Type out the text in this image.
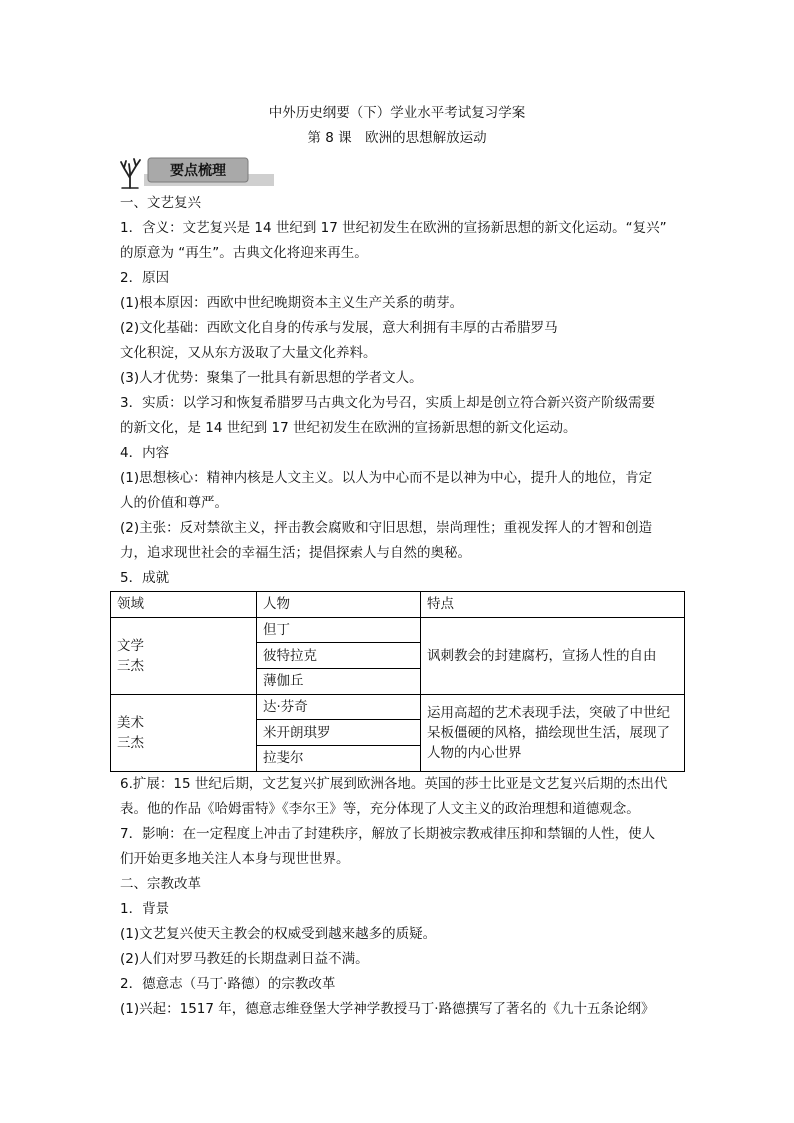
中外历史纲要（下）学业水平考试复习学案
第 8 课　欧洲的思想解放运动
要点梳理
一、文艺复兴
1．含义：文艺复兴是 14 世纪到 17 世纪初发生在欧洲的宣扬新思想的新文化运动。“复兴”
的原意为 “再生”。古典文化将迎来再生。
2．原因
(1)根本原因：西欧中世纪晚期资本主义生产关系的萌芽。
(2)文化基础：西欧文化自身的传承与发展，意大利拥有丰厚的古希腊罗马
文化积淀，又从东方汲取了大量文化养料。
(3)人才优势：聚集了一批具有新思想的学者文人。
3．实质：以学习和恢复希腊罗马古典文化为号召，实质上却是创立符合新兴资产阶级需要
的新文化，是 14 世纪到 17 世纪初发生在欧洲的宣扬新思想的新文化运动。
4．内容
(1)思想核心：精神内核是人文主义。以人为中心而不是以神为中心，提升人的地位，肯定
人的价值和尊严。
(2)主张：反对禁欲主义，抨击教会腐败和守旧思想，崇尚理性；重视发挥人的才智和创造
力，追求现世社会的幸福生活；提倡探索人与自然的奥秘。
5．成就
6.扩展：15 世纪后期，文艺复兴扩展到欧洲各地。英国的莎士比亚是文艺复兴后期的杰出代
表。他的作品《哈姆雷特》《李尔王》等，充分体现了人文主义的政治理想和道德观念。
7．影响：在一定程度上冲击了封建秩序，解放了长期被宗教戒律压抑和禁锢的人性，使人
们开始更多地关注人本身与现世世界。
二、宗教改革
1．背景
(1)文艺复兴使天主教会的权威受到越来越多的质疑。
(2)人们对罗马教廷的长期盘剥日益不满。
2．德意志（马丁·路德）的宗教改革
(1)兴起：1517 年，德意志维登堡大学神学教授马丁·路德撰写了著名的《九十五条论纲》
领域	人物	特点
文学
三杰	但丁	讽刺教会的封建腐朽，宣扬人性的自由
	彼特拉克	
	薄伽丘	
美术
三杰	达·芬奇	运用高超的艺术表现手法，突破了中世纪呆板僵硬的风格，描绘现世生活，展现了人物的内心世界
	米开朗琪罗	
	拉斐尔	
